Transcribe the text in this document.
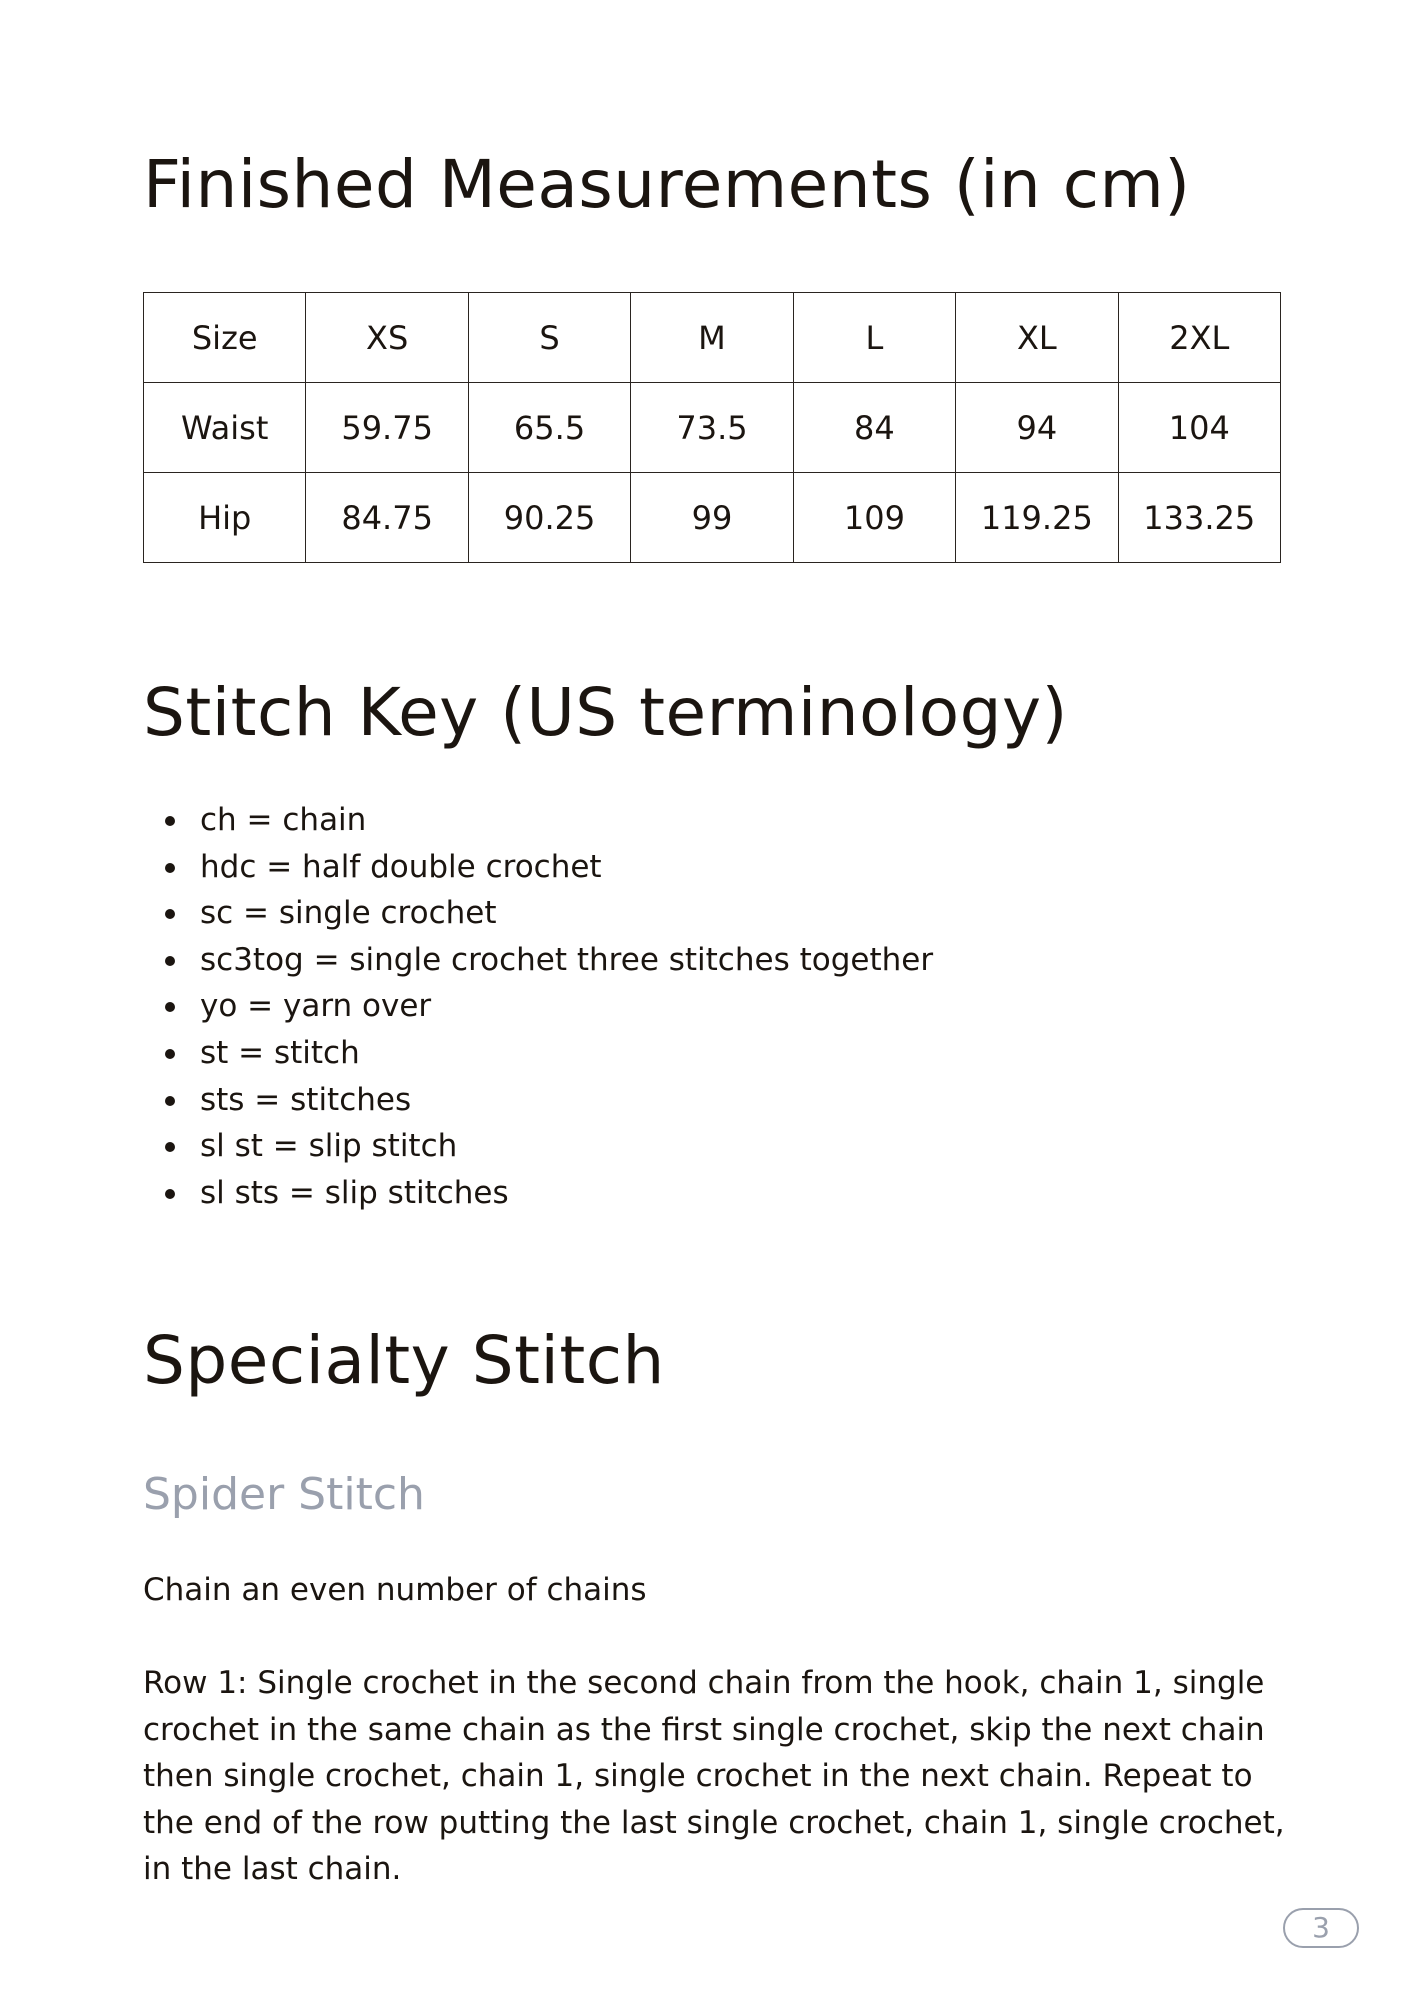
Finished Measurements (in cm)
Size	XS	S	M	L	XL	2XL
Waist	59.75	65.5	73.5	84	94	104
Hip	84.75	90.25	99	109	119.25	133.25
Stitch Key (US terminology)
ch = chain
hdc = half double crochet
sc = single crochet
sc3tog = single crochet three stitches together
yo = yarn over
st = stitch
sts = stitches
sl st = slip stitch
sl sts = slip stitches
Specialty Stitch
Spider Stitch

Chain an even number of chains

Row 1: Single crochet in the second chain from the hook, chain 1, single
crochet in the same chain as the first single crochet, skip the next chain
then single crochet, chain 1, single crochet in the next chain. Repeat to
the end of the row putting the last single crochet, chain 1, single crochet,
in the last chain.

3
